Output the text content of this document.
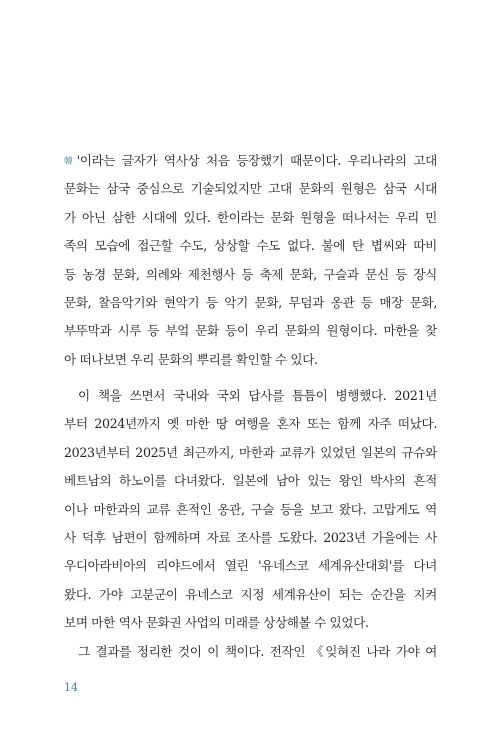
韓'이라는 글자가 역사상 처음 등장했기 때문이다. 우리나라의 고대
문화는 삼국 중심으로 기술되었지만 고대 문화의 원형은 삼국 시대
가 아닌 삼한 시대에 있다. 한이라는 문화 원형을 떠나서는 우리 민
족의 모습에 접근할 수도, 상상할 수도 없다. 불에 탄 볍씨와 따비
등 농경 문화, 의례와 제천행사 등 축제 문화, 구슬과 문신 등 장식
문화, 찰음악기와 현악기 등 악기 문화, 무덤과 옹관 등 매장 문화,
부뚜막과 시루 등 부엌 문화 등이 우리 문화의 원형이다. 마한을 찾
아 떠나보면 우리 문화의 뿌리를 확인할 수 있다.
이 책을 쓰면서 국내와 국외 답사를 틈틈이 병행했다. 2021년
부터 2024년까지 옛 마한 땅 여행을 혼자 또는 함께 자주 떠났다.
2023년부터 2025년 최근까지, 마한과 교류가 있었던 일본의 규슈와
베트남의 하노이를 다녀왔다. 일본에 남아 있는 왕인 박사의 흔적
이나 마한과의 교류 흔적인 옹관, 구슬 등을 보고 왔다. 고맙게도 역
사 덕후 남편이 함께하며 자료 조사를 도왔다. 2023년 가을에는 사
우디아라비아의 리야드에서 열린 '유네스코 세계유산대회'를 다녀
왔다. 가야 고분군이 유네스코 지정 세계유산이 되는 순간을 지켜
보며 마한 역사 문화권 사업의 미래를 상상해볼 수 있었다.
그 결과를 정리한 것이 이 책이다. 전작인 《잊혀진 나라 가야 여
14
